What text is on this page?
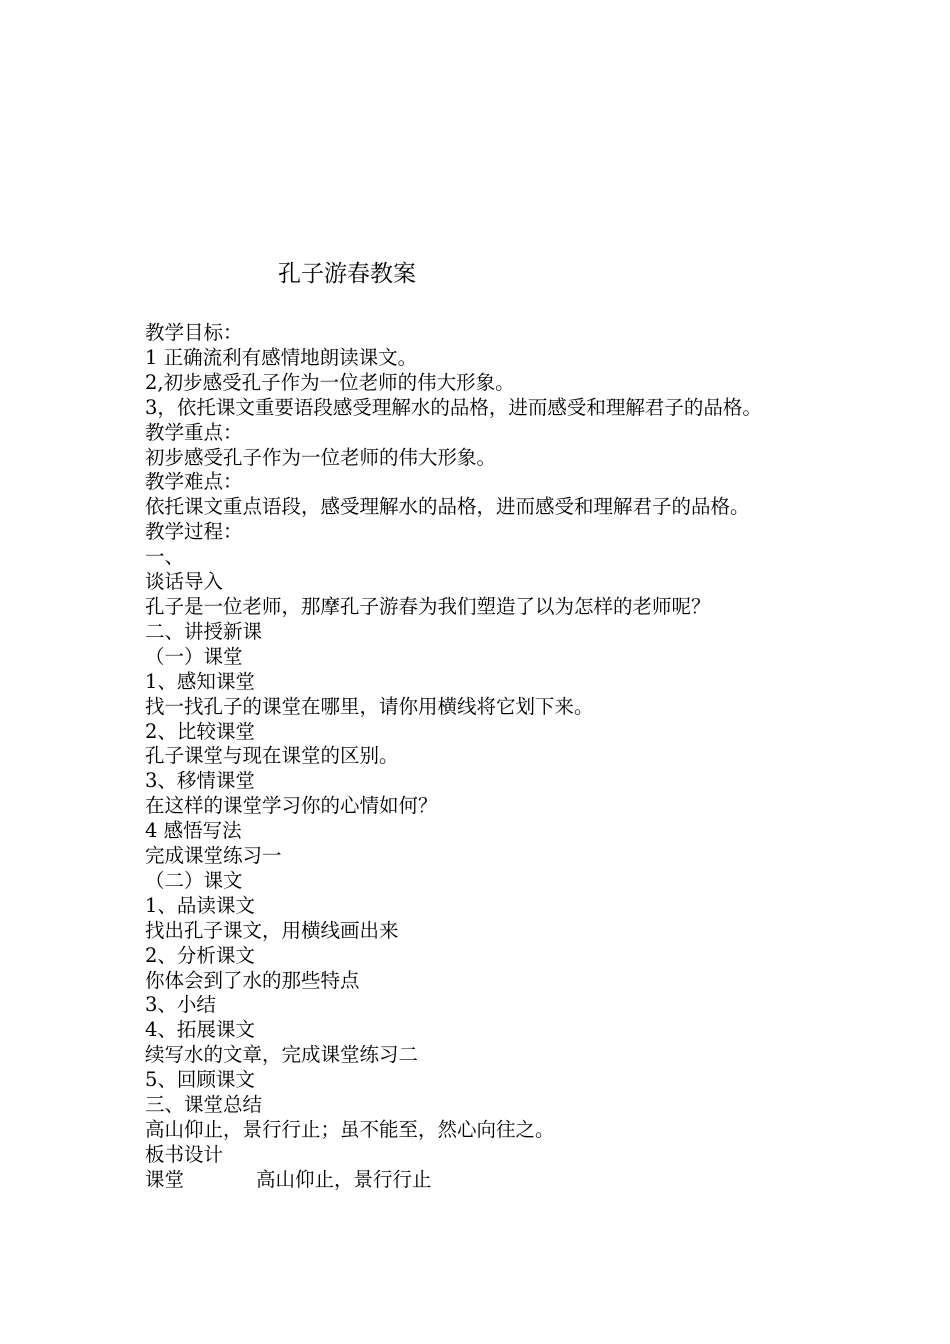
孔子游春教案
教学目标：
1 正确流利有感情地朗读课文。
2,初步感受孔子作为一位老师的伟大形象。
3，依托课文重要语段感受理解水的品格，进而感受和理解君子的品格。
教学重点：
初步感受孔子作为一位老师的伟大形象。
教学难点：
依托课文重点语段，感受理解水的品格，进而感受和理解君子的品格。
教学过程：
一、
谈话导入
孔子是一位老师，那摩孔子游春为我们塑造了以为怎样的老师呢？
二、讲授新课
（一）课堂
1、感知课堂
找一找孔子的课堂在哪里，请你用横线将它划下来。
2、比较课堂
孔子课堂与现在课堂的区别。
3、移情课堂
在这样的课堂学习你的心情如何？
4 感悟写法
完成课堂练习一
（二）课文
1、品读课文
找出孔子课文，用横线画出来
2、分析课文
你体会到了水的那些特点
3、小结
4、拓展课文
续写水的文章，完成课堂练习二
5、回顾课文
三、课堂总结
高山仰止，景行行止；虽不能至，然心向往之。
板书设计
课堂	高山仰止，景行行止
